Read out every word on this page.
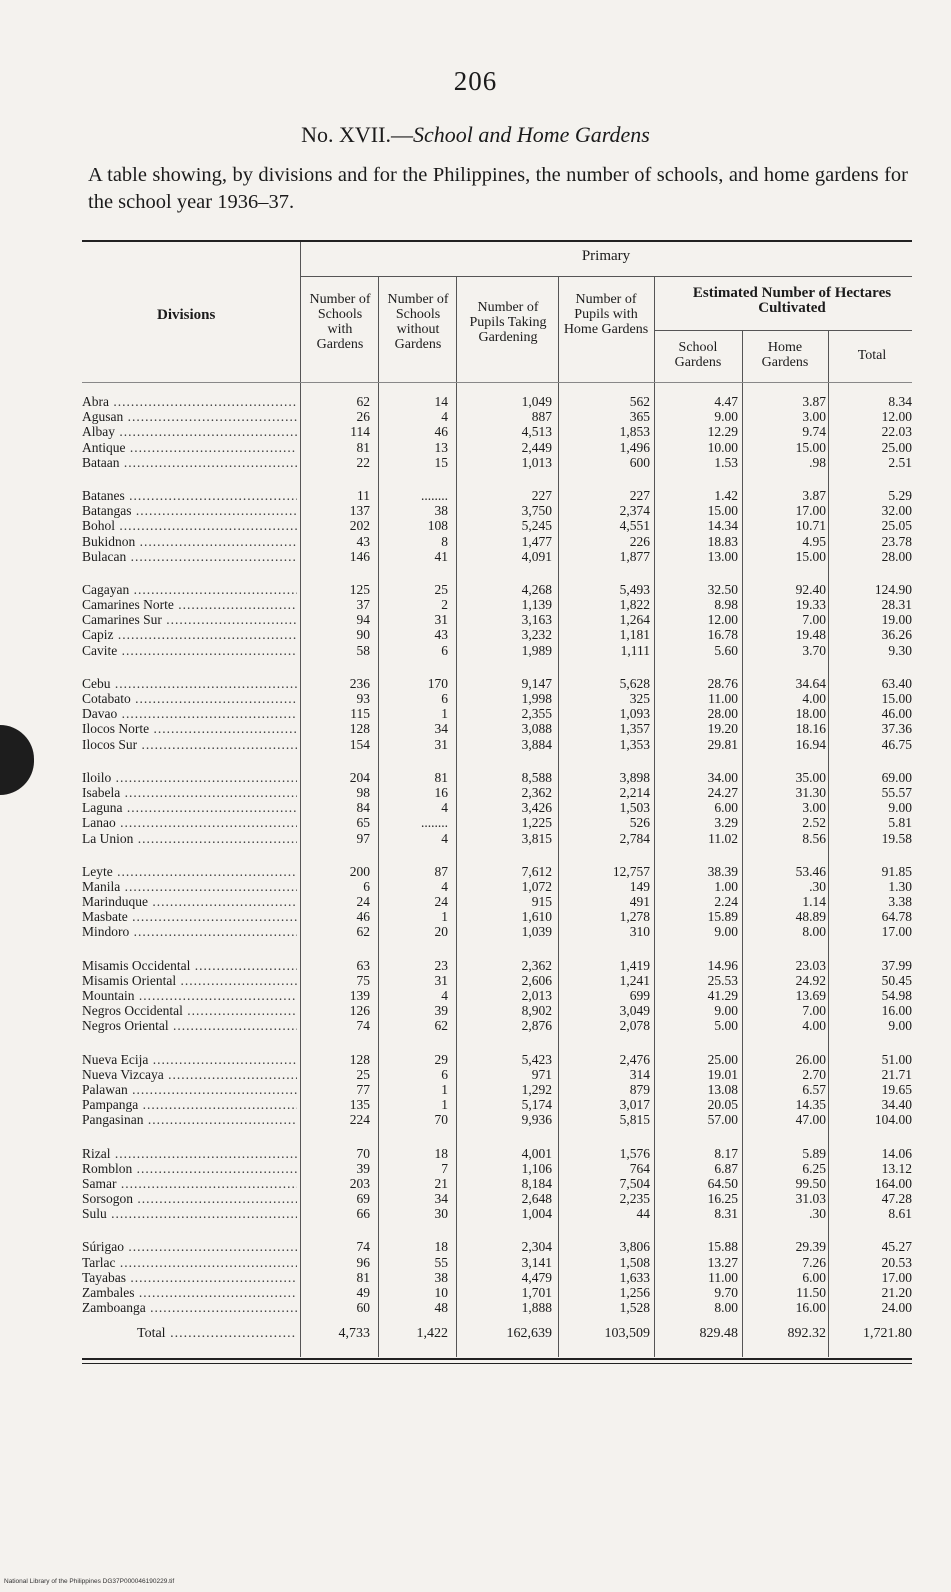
206
No. XVII.—School and Home Gardens
A table showing, by divisions and for the Philippines, the number of schools, and home gardens for the school year 1936–37.
Divisions
Primary
Number of Schools with Gardens
Number of Schools without Gardens
Number of Pupils Taking Gardening
Number of Pupils with Home Gardens
Estimated Number of Hectares Cultivated
School Gardens
Home Gardens	Total
Abra .....	62	14	1,049	562	4.47	3.87	8.34
Agusan .....	26	4	887	365	9.00	3.00	12.00
Albay .....	114	46	4,513	1,853	12.29	9.74	22.03
Antique .....	81	13	2,449	1,496	10.00	15.00	25.00
Bataan .....	22	15	1,013	600	1.53	.98	2.51
Batanes .....	11	........	227	227	1.42	3.87	5.29
Batangas .....	137	38	3,750	2,374	15.00	17.00	32.00
Bohol .....	202	108	5,245	4,551	14.34	10.71	25.05
Bukidnon .....	43	8	1,477	226	18.83	4.95	23.78
Bulacan .....	146	41	4,091	1,877	13.00	15.00	28.00
Cagayan .....	125	25	4,268	5,493	32.50	92.40	124.90
Camarines Norte .....	37	2	1,139	1,822	8.98	19.33	28.31
Camarines Sur .....	94	31	3,163	1,264	12.00	7.00	19.00
Capiz .....	90	43	3,232	1,181	16.78	19.48	36.26
Cavite .....	58	6	1,989	1,111	5.60	3.70	9.30
Cebu .....	236	170	9,147	5,628	28.76	34.64	63.40
Cotabato .....	93	6	1,998	325	11.00	4.00	15.00
Davao .....	115	1	2,355	1,093	28.00	18.00	46.00
Ilocos Norte .....	128	34	3,088	1,357	19.20	18.16	37.36
Ilocos Sur .....	154	31	3,884	1,353	29.81	16.94	46.75
Iloilo .....	204	81	8,588	3,898	34.00	35.00	69.00
Isabela .....	98	16	2,362	2,214	24.27	31.30	55.57
Laguna .....	84	4	3,426	1,503	6.00	3.00	9.00
Lanao .....	65	........	1,225	526	3.29	2.52	5.81
La Union .....	97	4	3,815	2,784	11.02	8.56	19.58
Leyte .....	200	87	7,612	12,757	38.39	53.46	91.85
Manila .....	6	4	1,072	149	1.00	.30	1.30
Marinduque .....	24	24	915	491	2.24	1.14	3.38
Masbate .....	46	1	1,610	1,278	15.89	48.89	64.78
Mindoro .....	62	20	1,039	310	9.00	8.00	17.00
Misamis Occidental .....	63	23	2,362	1,419	14.96	23.03	37.99
Misamis Oriental .....	75	31	2,606	1,241	25.53	24.92	50.45
Mountain .....	139	4	2,013	699	41.29	13.69	54.98
Negros Occidental .....	126	39	8,902	3,049	9.00	7.00	16.00
Negros Oriental .....	74	62	2,876	2,078	5.00	4.00	9.00
Nueva Ecija .....	128	29	5,423	2,476	25.00	26.00	51.00
Nueva Vizcaya .....	25	6	971	314	19.01	2.70	21.71
Palawan .....	77	1	1,292	879	13.08	6.57	19.65
Pampanga .....	135	1	5,174	3,017	20.05	14.35	34.40
Pangasinan .....	224	70	9,936	5,815	57.00	47.00	104.00
Rizal .....	70	18	4,001	1,576	8.17	5.89	14.06
Romblon .....	39	7	1,106	764	6.87	6.25	13.12
Samar .....	203	21	8,184	7,504	64.50	99.50	164.00
Sorsogon .....	69	34	2,648	2,235	16.25	31.03	47.28
Sulu .....	66	30	1,004	44	8.31	.30	8.61
Súrigao .....	74	18	2,304	3,806	15.88	29.39	45.27
Tarlac .....	96	55	3,141	1,508	13.27	7.26	20.53
Tayabas .....	81	38	4,479	1,633	11.00	6.00	17.00
Zambales .....	49	10	1,701	1,256	9.70	11.50	21.20
Zamboanga .....	60	48	1,888	1,528	8.00	16.00	24.00
Total .....	4,733	1,422	162,639	103,509	829.48	892.32	1,721.80
National Library of the Philippines DG37P000046190229.tif
